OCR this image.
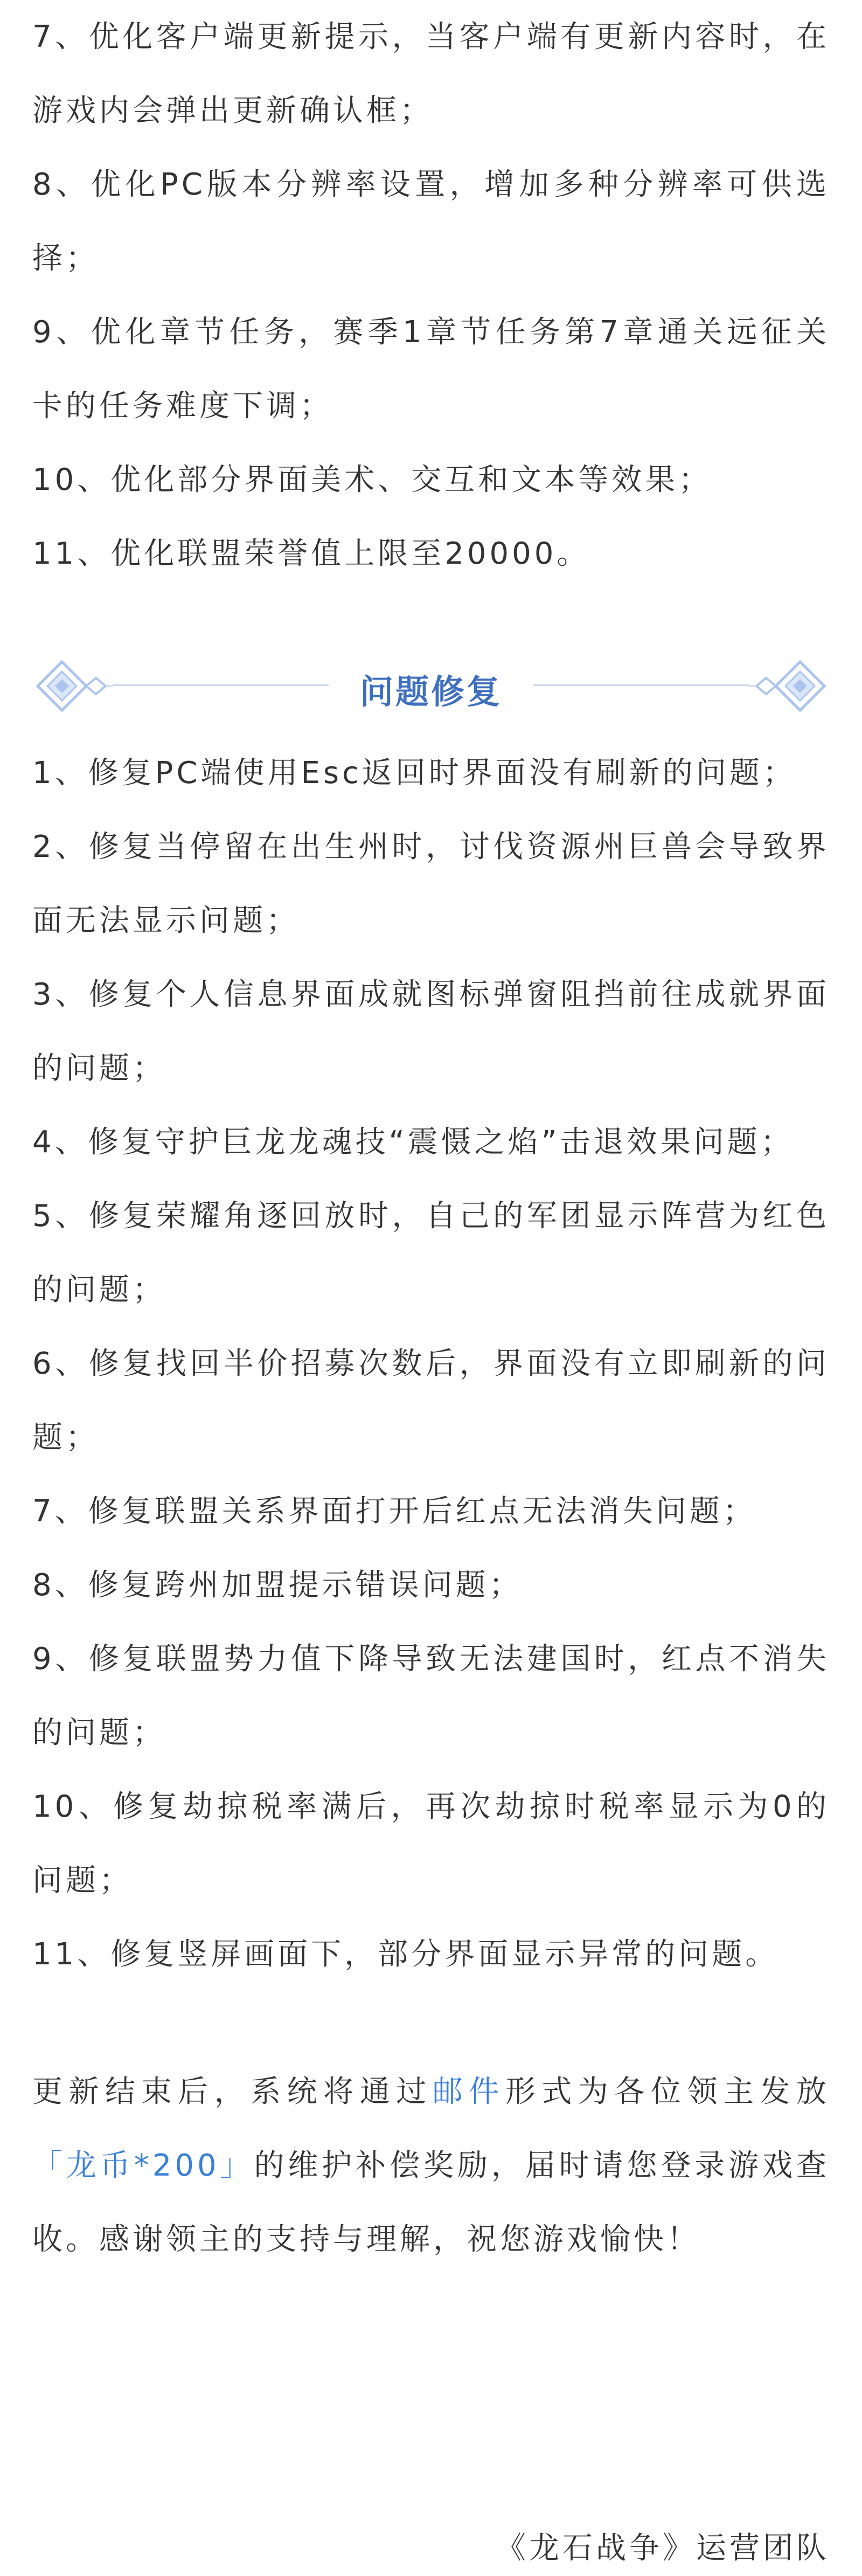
7、优化客户端更新提示，当客户端有更新内容时，在游戏内会弹出更新确认框；

8、优化PC版本分辨率设置，增加多种分辨率可供选择；

9、优化章节任务，赛季1章节任务第7章通关远征关卡的任务难度下调；

10、优化部分界面美术、交互和文本等效果；

11、优化联盟荣誉值上限至20000。

问题修复

1、修复PC端使用Esc返回时界面没有刷新的问题；

2、修复当停留在出生州时，讨伐资源州巨兽会导致界面无法显示问题；

3、修复个人信息界面成就图标弹窗阻挡前往成就界面的问题；

4、修复守护巨龙龙魂技“震慑之焰”击退效果问题；

5、修复荣耀角逐回放时，自己的军团显示阵营为红色的问题；

6、修复找回半价招募次数后，界面没有立即刷新的问题；

7、修复联盟关系界面打开后红点无法消失问题；

8、修复跨州加盟提示错误问题；

9、修复联盟势力值下降导致无法建国时，红点不消失的问题；

10、修复劫掠税率满后，再次劫掠时税率显示为0的问题；

11、修复竖屏画面下，部分界面显示异常的问题。

更新结束后，系统将通过邮件形式为各位领主发放「龙币*200」的维护补偿奖励，届时请您登录游戏查收。感谢领主的支持与理解，祝您游戏愉快！

《龙石战争》运营团队
